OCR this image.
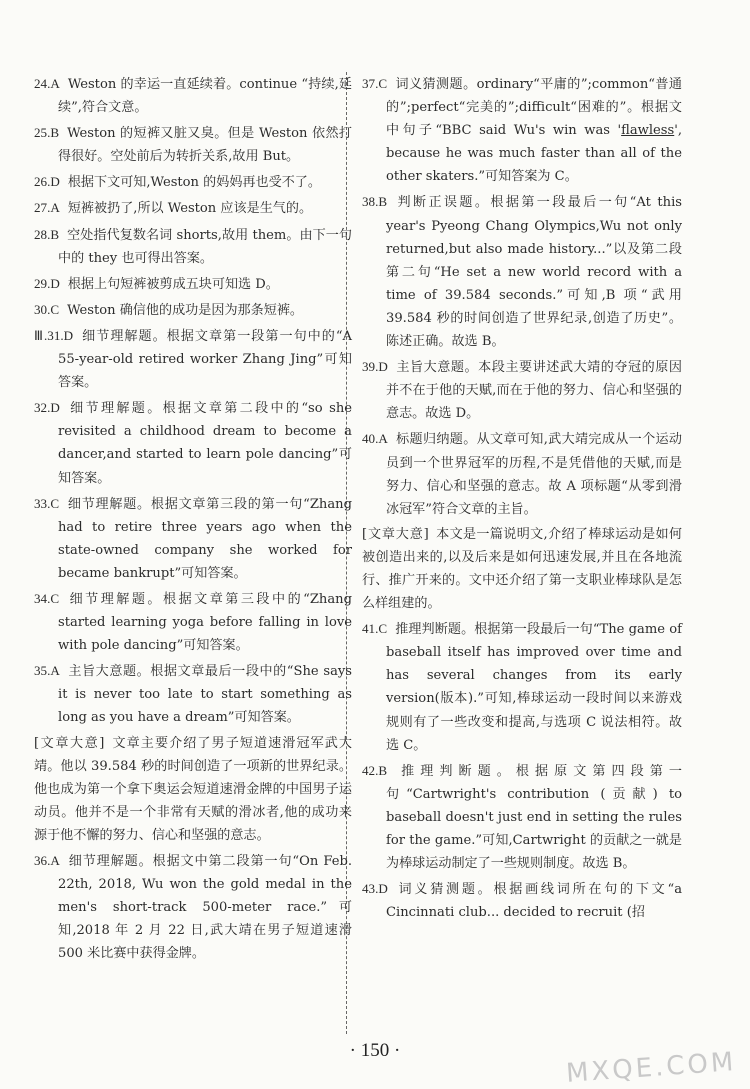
24.A Weston 的幸运一直延续着。continue “持续,延续”,符合文意。
25.B Weston 的短裤又脏又臭。但是 Weston 依然打得很好。空处前后为转折关系,故用 But。
26.D 根据下文可知,Weston 的妈妈再也受不了。
27.A 短裤被扔了,所以 Weston 应该是生气的。
28.B 空处指代复数名词 shorts,故用 them。由下一句中的 they 也可得出答案。
29.D 根据上句短裤被剪成五块可知选 D。
30.C Weston 确信他的成功是因为那条短裤。
Ⅲ.31.D 细节理解题。根据文章第一段第一句中的“A 55-year-old retired worker Zhang Jing”可知答案。
32.D 细节理解题。根据文章第二段中的“so she revisited a childhood dream to become a dancer,and started to learn pole dancing”可知答案。
33.C 细节理解题。根据文章第三段的第一句“Zhang had to retire three years ago when the state-owned company she worked for became bankrupt”可知答案。
34.C 细节理解题。根据文章第三段中的“Zhang started learning yoga before falling in love with pole dancing”可知答案。
35.A 主旨大意题。根据文章最后一段中的“She says it is never too late to start something as long as you have a dream”可知答案。
[文章大意]  文章主要介绍了男子短道速滑冠军武大靖。他以 39.584 秒的时间创造了一项新的世界纪录。他也成为第一个拿下奥运会短道速滑金牌的中国男子运动员。他并不是一个非常有天赋的滑冰者,他的成功来源于他不懈的努力、信心和坚强的意志。
36.A 细节理解题。根据文中第二段第一句“On Feb. 22th, 2018, Wu won the gold medal in the men's short-track 500-meter race.”可知,2018 年 2 月 22 日,武大靖在男子短道速滑 500 米比赛中获得金牌。
37.C 词义猜测题。ordinary“平庸的”;common“普通的”;perfect“完美的”;difficult“困难的”。根据文中句子“BBC said Wu's win was 'flawless', because he was much faster than all of the other skaters.”可知答案为 C。
38.B 判断正误题。根据第一段最后一句“At this year's Pyeong Chang Olympics,Wu not only returned,but also made history...”以及第二段第二句“He set a new world record with a time of 39.584 seconds.”可知,B 项“武用 39.584 秒的时间创造了世界纪录,创造了历史”。陈述正确。故选 B。
39.D 主旨大意题。本段主要讲述武大靖的夺冠的原因并不在于他的天赋,而在于他的努力、信心和坚强的意志。故选 D。
40.A 标题归纳题。从文章可知,武大靖完成从一个运动员到一个世界冠军的历程,不是凭借他的天赋,而是努力、信心和坚强的意志。故 A 项标题“从零到滑冰冠军”符合文章的主旨。
[文章大意]  本文是一篇说明文,介绍了棒球运动是如何被创造出来的,以及后来是如何迅速发展,并且在各地流行、推广开来的。文中还介绍了第一支职业棒球队是怎么样组建的。
41.C 推理判断题。根据第一段最后一句“The game of baseball itself has improved over time and has several changes from its early version(版本).”可知,棒球运动一段时间以来游戏规则有了一些改变和提高,与选项 C 说法相符。故选 C。
42.B 推理判断题。根据原文第四段第一句“Cartwright's contribution (贡献) to baseball doesn't just end in setting the rules for the game.”可知,Cartwright 的贡献之一就是为棒球运动制定了一些规则制度。故选 B。
43.D 词义猜测题。根据画线词所在句的下文“a Cincinnati club... decided to recruit (招
· 150 ·	MXQE.COM
